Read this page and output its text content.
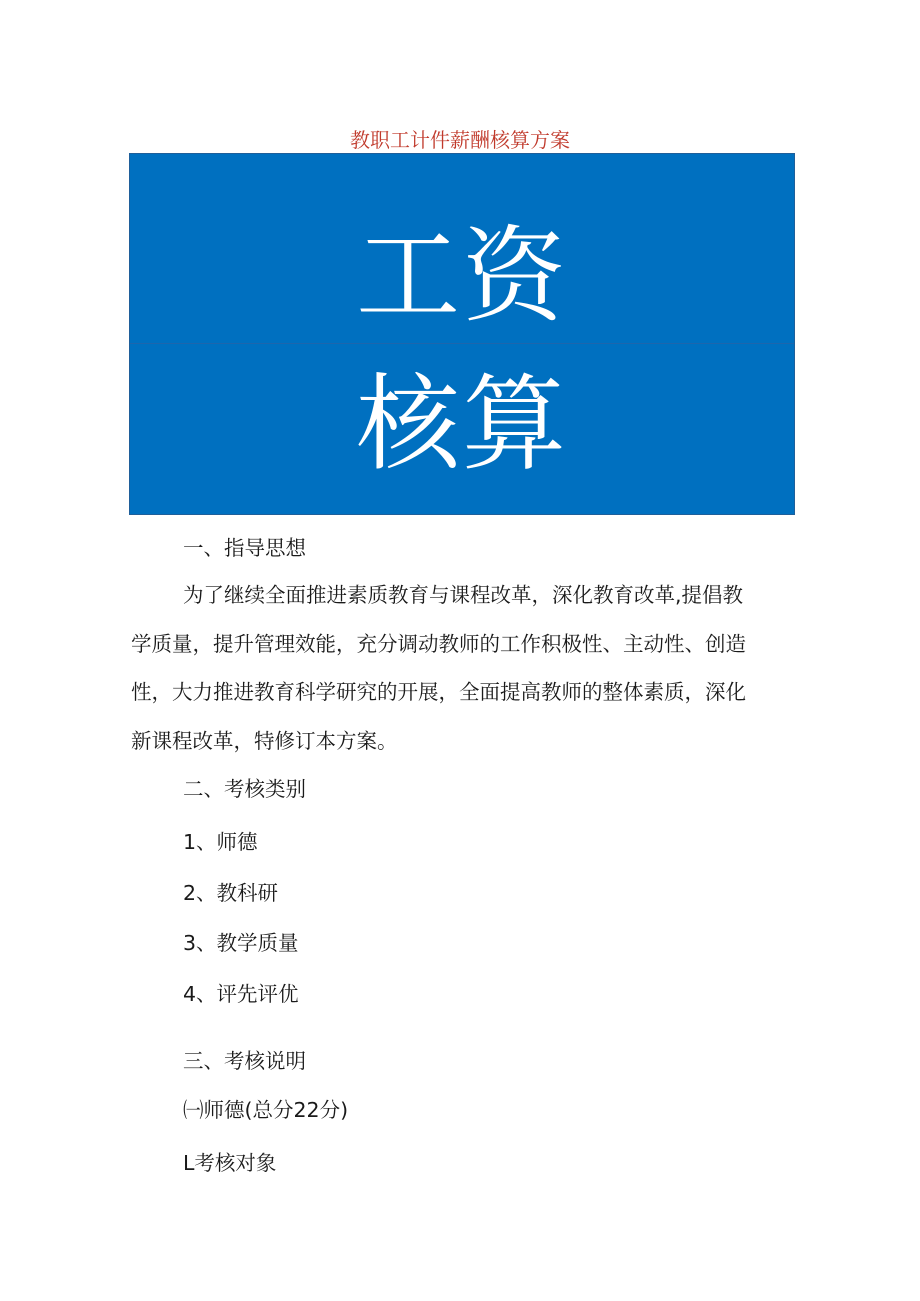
教职工计件薪酬核算方案
工资
核算
一、指导思想
为了继续全面推进素质教育与课程改革，深化教育改革,提倡教
学质量，提升管理效能，充分调动教师的工作积极性、主动性、创造
性，大力推进教育科学研究的开展，全面提高教师的整体素质，深化
新课程改革，特修订本方案。
二、考核类别
1、师德
2、教科研
3、教学质量
4、评先评优
三、考核说明
㈠师德(总分22分)
L考核对象
